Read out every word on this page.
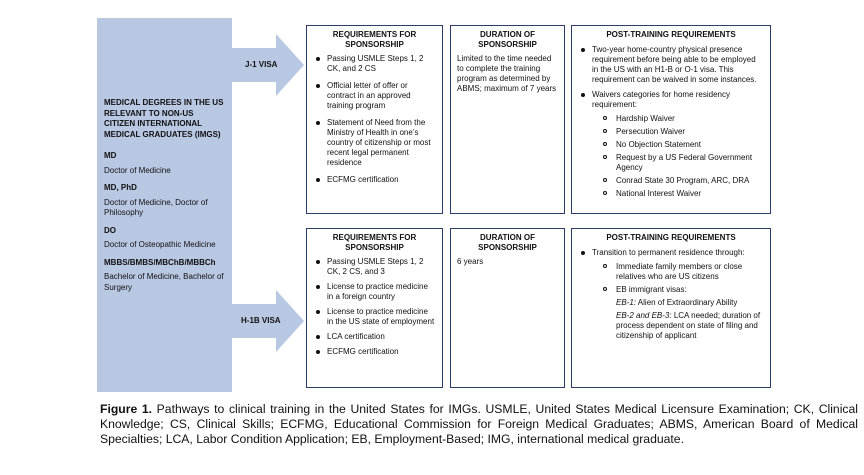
MEDICAL DEGREES IN THE US RELEVANT TO NON-US CITIZEN INTERNATIONAL MEDICAL GRADUATES (IMGS)
MD
Doctor of Medicine
MD, PhD
Doctor of Medicine, Doctor of Philosophy
DO
Doctor of Osteopathic Medicine
MBBS/BMBS/MBChB/MBBCh
Bachelor of Medicine, Bachelor of Surgery
J-1 VISA
H-1B VISA
REQUIREMENTS FOR SPONSORSHIP
Passing USMLE Steps 1, 2 CK, and 2 CS
Official letter of offer or contract in an approved training program
Statement of Need from the Ministry of Health in one’s country of citizenship or most recent legal permanent residence
ECFMG certification
DURATION OF SPONSORSHIP
Limited to the time needed to complete the training program as determined by ABMS; maximum of 7 years
POST-TRAINING REQUIREMENTS
Two-year home-country physical presence requirement before being able to be employed in the US with an H1-B or O-1 visa. This requirement can be waived in some instances.
Waivers categories for home residency requirement:
Hardship Waiver
Persecution Waiver
No Objection Statement
Request by a US Federal Government Agency
Conrad State 30 Program, ARC, DRA
National Interest Waiver
REQUIREMENTS FOR SPONSORSHIP
Passing USMLE Steps 1, 2 CK, 2 CS, and 3
License to practice medicine in a foreign country
License to practice medicine in the US state of employment
LCA certification
ECFMG certification
DURATION OF SPONSORSHIP
6 years
POST-TRAINING REQUIREMENTS
Transition to permanent residence through:
Immediate family members or close relatives who are US citizens
EB immigrant visas:
EB-1: Alien of Extraordinary Ability
EB-2 and EB-3: LCA needed; duration of process dependent on state of filing and citizenship of applicant
Figure 1. Pathways to clinical training in the United States for IMGs. USMLE, United States Medical Licensure Examination; CK, Clinical Knowledge; CS, Clinical Skills; ECFMG, Educational Commission for Foreign Medical Graduates; ABMS, American Board of Medical Specialties; LCA, Labor Condition Application; EB, Employment-Based; IMG, international medical graduate.
